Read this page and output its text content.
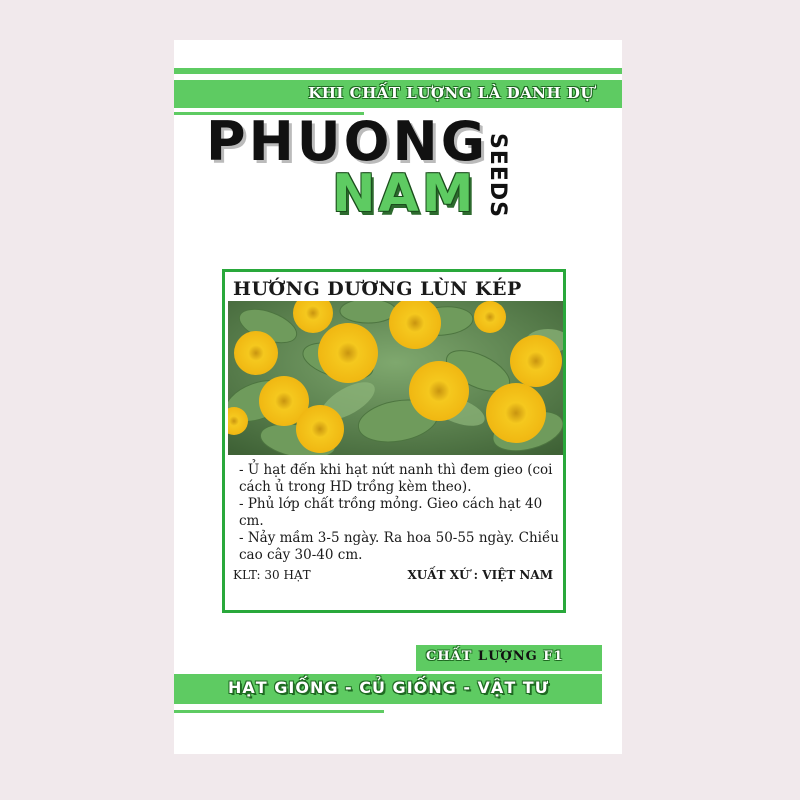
KHI CHẤT LƯỢNG LÀ DANH DỰ
PHUONG
NAM SEEDS
HƯỚNG DƯƠNG LÙN KÉP
- Ủ hạt đến khi hạt nứt nanh thì đem gieo (coi cách ủ trong HD trồng kèm theo).
- Phủ lớp chất trồng mỏng. Gieo cách hạt 40 cm.
- Nảy mầm 3-5 ngày. Ra hoa 50-55 ngày. Chiều cao cây 30-40 cm.
KLT: 30 HẠT	XUẤT XỨ : VIỆT NAM
CHẤT LƯỢNG F1
HẠT GIỐNG - CỦ GIỐNG - VẬT TƯ
